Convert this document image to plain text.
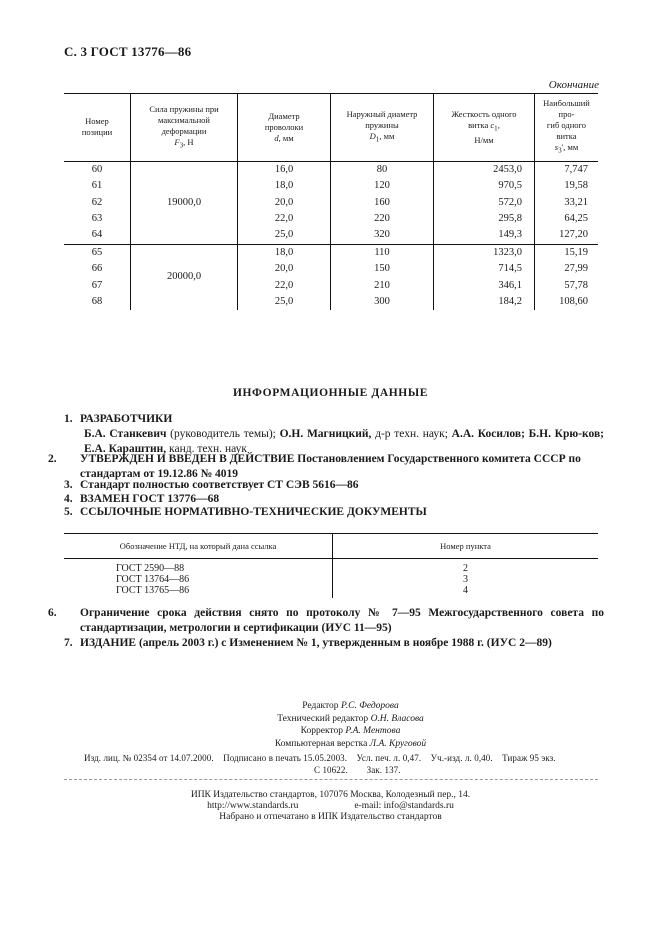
С. 3 ГОСТ 13776—86
Окончание
Номер
позиции	Сила пружины при
максимальной
деформации
$F_3$, Н	Диаметр
проволоки
d, мм	Наружный диаметр
пружины
$D_1$, мм	Жесткость одного
витка $c_1$,
Н/мм	Наибольший про-
гиб одного витка
$s_3'$, мм
60	19000,0	16,0	80	2453,0	7,747
61		18,0	120	970,5	19,58
62		20,0	160	572,0	33,21
63		22,0	220	295,8	64,25
64		25,0	320	149,3	127,20
65	20000,0	18,0	110	1323,0	15,19
66		20,0	150	714,5	27,99
67		22,0	210	346,1	57,78
68		25,0	300	184,2	108,60
ИНФОРМАЦИОННЫЕ ДАННЫЕ
1. РАЗРАБОТЧИКИ
Б.А. Станкевич (руководитель темы); О.Н. Магницкий, д-р техн. наук; А.А. Косилов; Б.Н. Крю-ков; Е.А. Караштин, канд. техн. наук
2. УТВЕРЖДЕН И ВВЕДЕН В ДЕЙСТВИЕ Постановлением Государственного комитета СССР по стандартам от 19.12.86 № 4019
3. Стандарт полностью соответствует СТ СЭВ 5616—86
4. ВЗАМЕН ГОСТ 13776—68
5. ССЫЛОЧНЫЕ НОРМАТИВНО-ТЕХНИЧЕСКИЕ ДОКУМЕНТЫ
Обозначение НТД, на который дана ссылка	Номер пункта
ГОСТ 2590—88	2
ГОСТ 13764—86	3
ГОСТ 13765—86	4
6. Ограничение срока действия снято по протоколу № 7—95 Межгосударственного совета по стандартизации, метрологии и сертификации (ИУС 11—95)
7. ИЗДАНИЕ (апрель 2003 г.) с Изменением № 1, утвержденным в ноябре 1988 г. (ИУС 2—89)
Редактор Р.С. Федорова
Технический редактор О.Н. Власова
Корректор Р.А. Ментова
Компьютерная верстка Л.А. Круговой
Изд. лиц. № 02354 от 14.07.2000.    Подписано в печать 15.05.2003.    Усл. печ. л. 0,47.    Уч.-изд. л. 0,40.    Тираж 95 экз.
С 10622.        Зак. 137.
ИПК Издательство стандартов, 107076 Москва, Колодезный пер., 14.
http://www.standards.ru	e-mail: info@standards.ru
Набрано и отпечатано в ИПК Издательство стандартов
